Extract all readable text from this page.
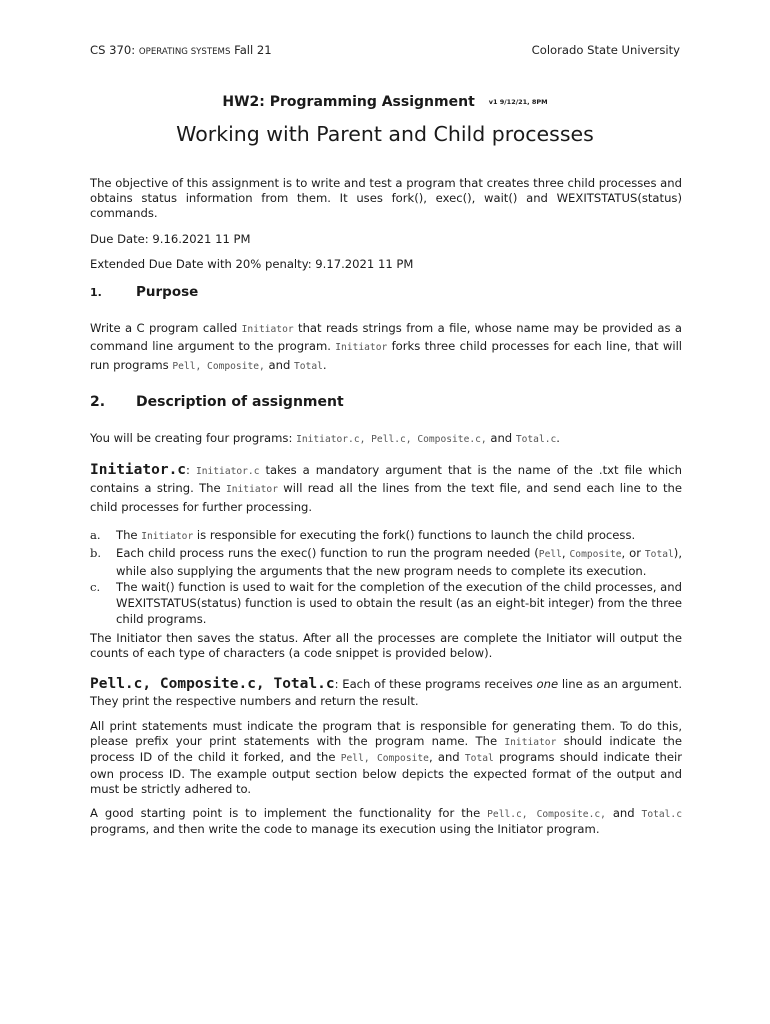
CS 370: OPERATING SYSTEMS Fall 21	Colorado State University
HW2: Programming Assignment v1 9/12/21, 8PM
Working with Parent and Child processes

The objective of this assignment is to write and test a program that creates three child processes and obtains status information from them. It uses fork(), exec(), wait() and WEXITSTATUS(status) commands.

Due Date: 9.16.2021 11 PM

Extended Due Date with 20% penalty: 9.17.2021 11 PM

1.	Purpose

Write a C program called Initiator that reads strings from a file, whose name may be provided as a command line argument to the program. Initiator forks three child processes for each line, that will run programs Pell, Composite, and Total.

2. Description of assignment

You will be creating four programs: Initiator.c, Pell.c, Composite.c, and Total.c.

Initiator.c: Initiator.c takes a mandatory argument that is the name of the .txt file which contains a string. The Initiator will read all the lines from the text file, and send each line to the child processes for further processing.

a. The Initiator is responsible for executing the fork() functions to launch the child process.
b. Each child process runs the exec() function to run the program needed (Pell, Composite, or Total), while also supplying the arguments that the new program needs to complete its execution.
c. The wait() function is used to wait for the completion of the execution of the child processes, and WEXITSTATUS(status) function is used to obtain the result (as an eight-bit integer) from the three child programs.

The Initiator then saves the status. After all the processes are complete the Initiator will output the counts of each type of characters (a code snippet is provided below).

Pell.c, Composite.c, Total.c: Each of these programs receives one line as an argument. They print the respective numbers and return the result.

All print statements must indicate the program that is responsible for generating them. To do this, please prefix your print statements with the program name. The Initiator should indicate the process ID of the child it forked, and the Pell, Composite, and Total programs should indicate their own process ID. The example output section below depicts the expected format of the output and must be strictly adhered to.

A good starting point is to implement the functionality for the Pell.c, Composite.c, and Total.c programs, and then write the code to manage its execution using the Initiator program.
